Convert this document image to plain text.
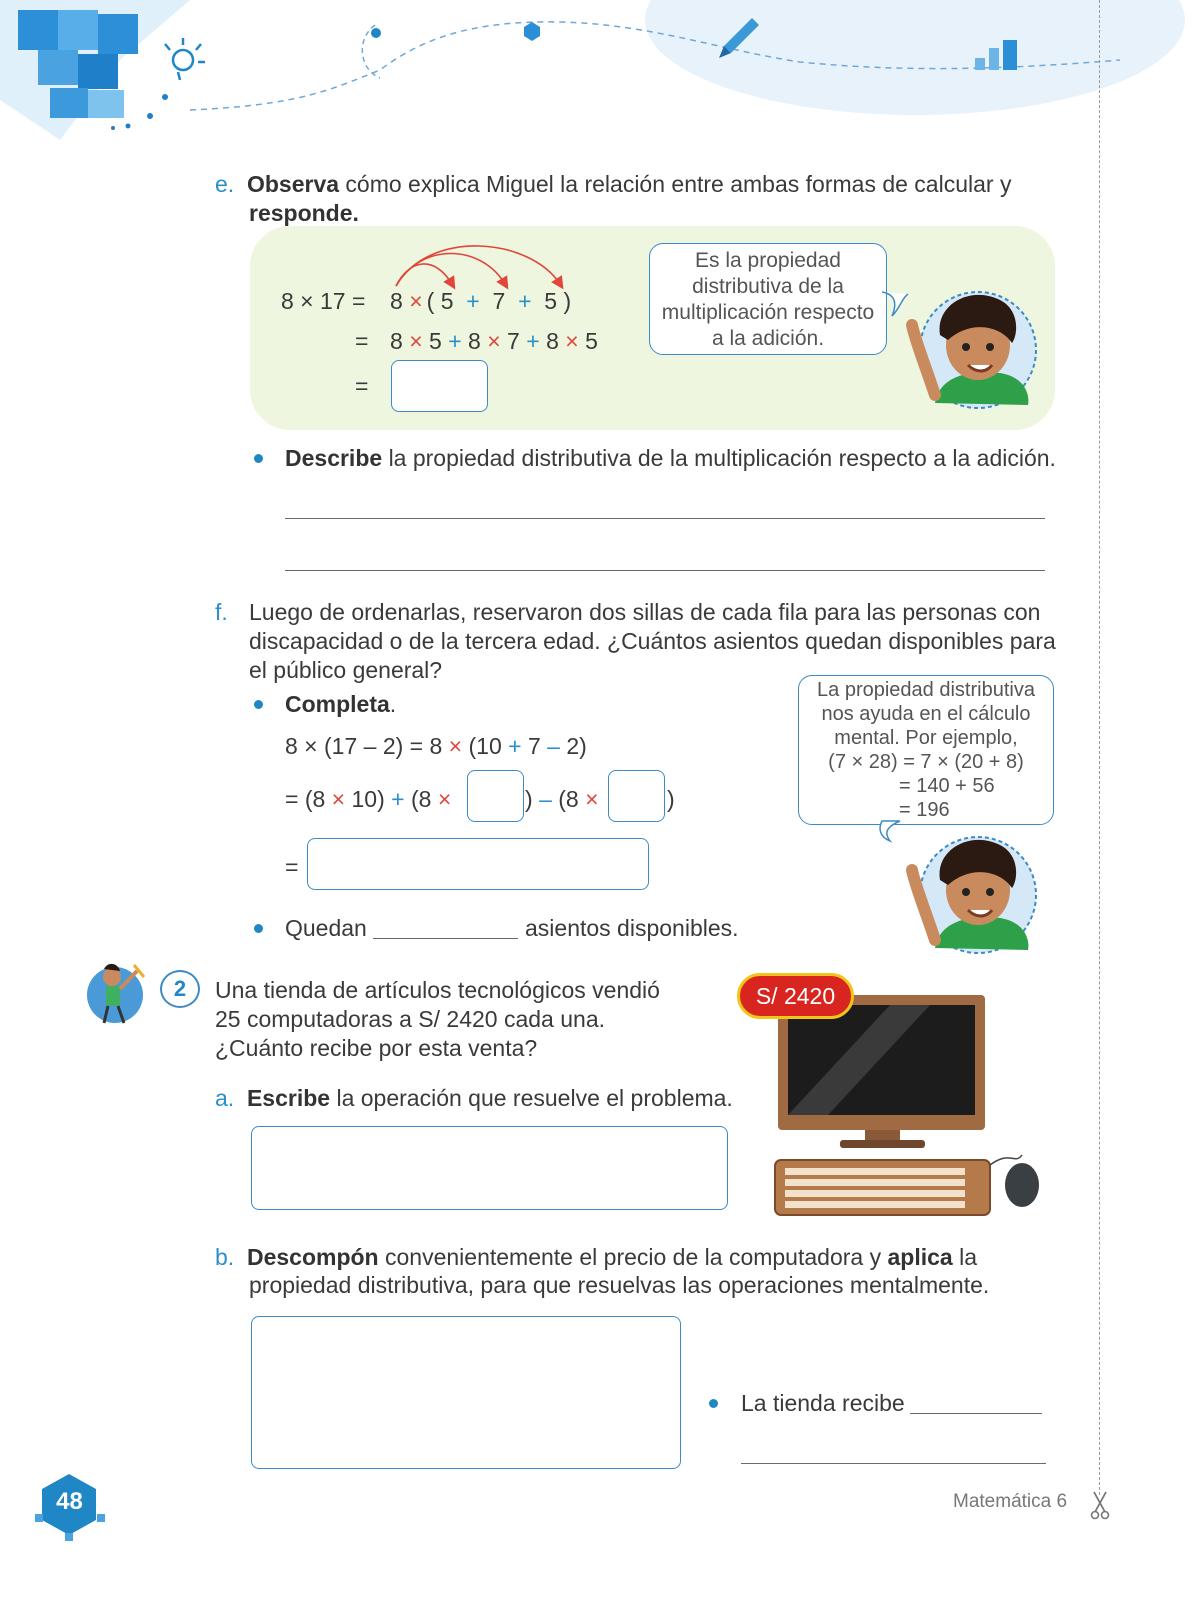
e. Observa cómo explica Miguel la relación entre ambas formas de calcular y
responde.
8 × 17 = 8 × ( 5 + 7 + 5 )
= 8 × 5 + 8 × 7 + 8 × 5
=
Es la propiedad
distributiva de la
multiplicación respecto
a la adición.
Describe la propiedad distributiva de la multiplicación respecto a la adición.
f. Luego de ordenarlas, reservaron dos sillas de cada fila para las personas con
discapacidad o de la tercera edad. ¿Cuántos asientos quedan disponibles para
el público general?
Completa.
8 × (17 – 2) = 8 × (10 + 7 – 2)
= (8 × 10) + (8 ×	) – (8 ×	)
=
Quedan	asientos disponibles.
La propiedad distributiva
nos ayuda en el cálculo
mental. Por ejemplo,
(7 × 28) = 7 × (20 + 8)
= 140 + 56
= 196
2	Una tienda de artículos tecnológicos vendió
25 computadoras a S/ 2420 cada una.
¿Cuánto recibe por esta venta?
S/ 2420
a. Escribe la operación que resuelve el problema.
b. Descompón convenientemente el precio de la computadora y aplica la
propiedad distributiva, para que resuelvas las operaciones mentalmente.
La tienda recibe
48	Matemática 6
